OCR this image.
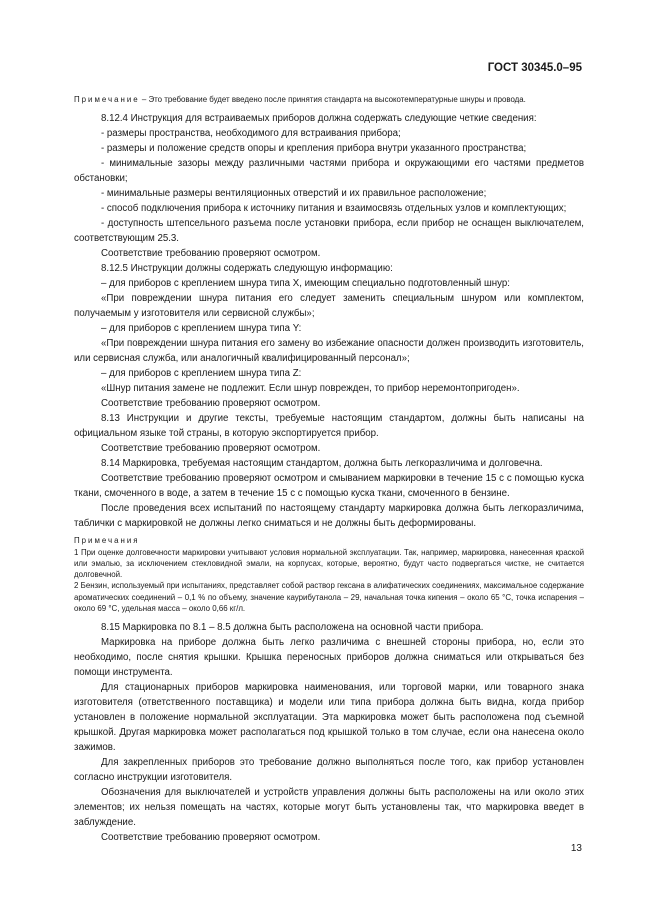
ГОСТ 30345.0–95

Примечание – Это требование будет введено после принятия стандарта на высокотемпературные шнуры и провода.

8.12.4 Инструкция для встраиваемых приборов должна содержать следующие четкие сведения:

- размеры пространства, необходимого для встраивания прибора;

- размеры и положение средств опоры и крепления прибора внутри указанного пространства;

- минимальные зазоры между различными частями прибора и окружающими его частями предметов обстановки;

- минимальные размеры вентиляционных отверстий и их правильное расположение;

- способ подключения прибора к источнику питания и взаимосвязь отдельных узлов и комплектующих;

- доступность штепсельного разъема после установки прибора, если прибор не оснащен выключателем, соответствующим 25.3.

Соответствие требованию проверяют осмотром.

8.12.5 Инструкции должны содержать следующую информацию:

– для приборов с креплением шнура типа X, имеющим специально подготовленный шнур:

«При повреждении шнура питания его следует заменить специальным шнуром или комплектом, получаемым у изготовителя или сервисной службы»;

– для приборов с креплением шнура типа Y:

«При повреждении шнура питания его замену во избежание опасности должен производить изготовитель, или сервисная служба, или аналогичный квалифицированный персонал»;

– для приборов с креплением шнура типа Z:

«Шнур питания замене не подлежит. Если шнур поврежден, то прибор неремонтопригоден».

Соответствие требованию проверяют осмотром.

8.13 Инструкции и другие тексты, требуемые настоящим стандартом, должны быть написаны на официальном языке той страны, в которую экспортируется прибор.

Соответствие требованию проверяют осмотром.

8.14 Маркировка, требуемая настоящим стандартом, должна быть легкоразличима и долговечна.

Соответствие требованию проверяют осмотром и смыванием маркировки в течение 15 с с помощью куска ткани, смоченного в воде, а затем в течение 15 с с помощью куска ткани, смоченного в бензине.

После проведения всех испытаний по настоящему стандарту маркировка должна быть легкоразличима, таблички с маркировкой не должны легко сниматься и не должны быть деформированы.

Примечания

1 При оценке долговечности маркировки учитывают условия нормальной эксплуатации. Так, например, маркировка, нанесенная краской или эмалью, за исключением стекловидной эмали, на корпусах, которые, вероятно, будут часто подвергаться чистке, не считается долговечной.

2 Бензин, используемый при испытаниях, представляет собой раствор гексана в алифатических соединениях, максимальное содержание ароматических соединений – 0,1 % по объему, значение каурибутанола – 29, начальная точка кипения – около 65 °С, точка испарения – около 69 °С, удельная масса – около 0,66 кг/л.

8.15 Маркировка по 8.1 – 8.5 должна быть расположена на основной части прибора.

Маркировка на приборе должна быть легко различима с внешней стороны прибора, но, если это необходимо, после снятия крышки. Крышка переносных приборов должна сниматься или открываться без помощи инструмента.

Для стационарных приборов маркировка наименования, или торговой марки, или товарного знака изготовителя (ответственного поставщика) и модели или типа прибора должна быть видна, когда прибор установлен в положение нормальной эксплуатации. Эта маркировка может быть расположена под съемной крышкой. Другая маркировка может располагаться под крышкой только в том случае, если она нанесена около зажимов.

Для закрепленных приборов это требование должно выполняться после того, как прибор установлен согласно инструкции изготовителя.

Обозначения для выключателей и устройств управления должны быть расположены на или около этих элементов; их нельзя помещать на частях, которые могут быть установлены так, что маркировка введет в заблуждение.

Соответствие требованию проверяют осмотром.

13
